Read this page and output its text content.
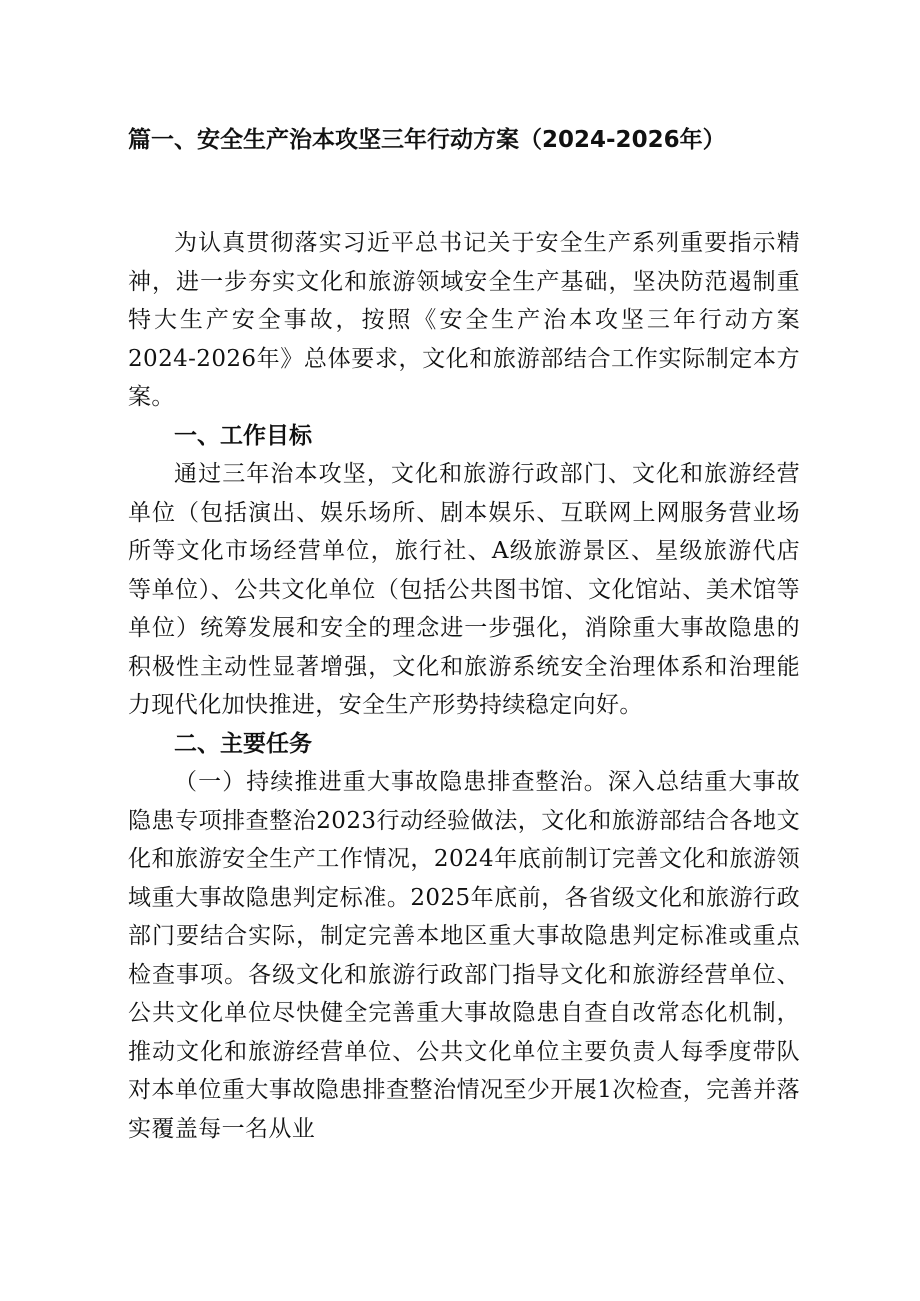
篇一、安全生产治本攻坚三年行动方案（2024-2026年）

为认真贯彻落实习近平总书记关于安全生产系列重要指示精神，进一步夯实文化和旅游领域安全生产基础，坚决防范遏制重特大生产安全事故，按照《安全生产治本攻坚三年行动方案2024-2026年》总体要求，文化和旅游部结合工作实际制定本方案。

一、工作目标

通过三年治本攻坚，文化和旅游行政部门、文化和旅游经营单位（包括演出、娱乐场所、剧本娱乐、互联网上网服务营业场所等文化市场经营单位，旅行社、A级旅游景区、星级旅游代店等单位）、公共文化单位（包括公共图书馆、文化馆站、美术馆等单位）统筹发展和安全的理念进一步强化，消除重大事故隐患的积极性主动性显著增强，文化和旅游系统安全治理体系和治理能力现代化加快推进，安全生产形势持续稳定向好。

二、主要任务

（一）持续推进重大事故隐患排查整治。深入总结重大事故隐患专项排查整治2023行动经验做法，文化和旅游部结合各地文化和旅游安全生产工作情况，2024年底前制订完善文化和旅游领域重大事故隐患判定标准。2025年底前，各省级文化和旅游行政部门要结合实际，制定完善本地区重大事故隐患判定标准或重点检查事项。各级文化和旅游行政部门指导文化和旅游经营单位、公共文化单位尽快健全完善重大事故隐患自查自改常态化机制，推动文化和旅游经营单位、公共文化单位主要负责人每季度带队对本单位重大事故隐患排查整治情况至少开展1次检查，完善并落实覆盖每一名从业
